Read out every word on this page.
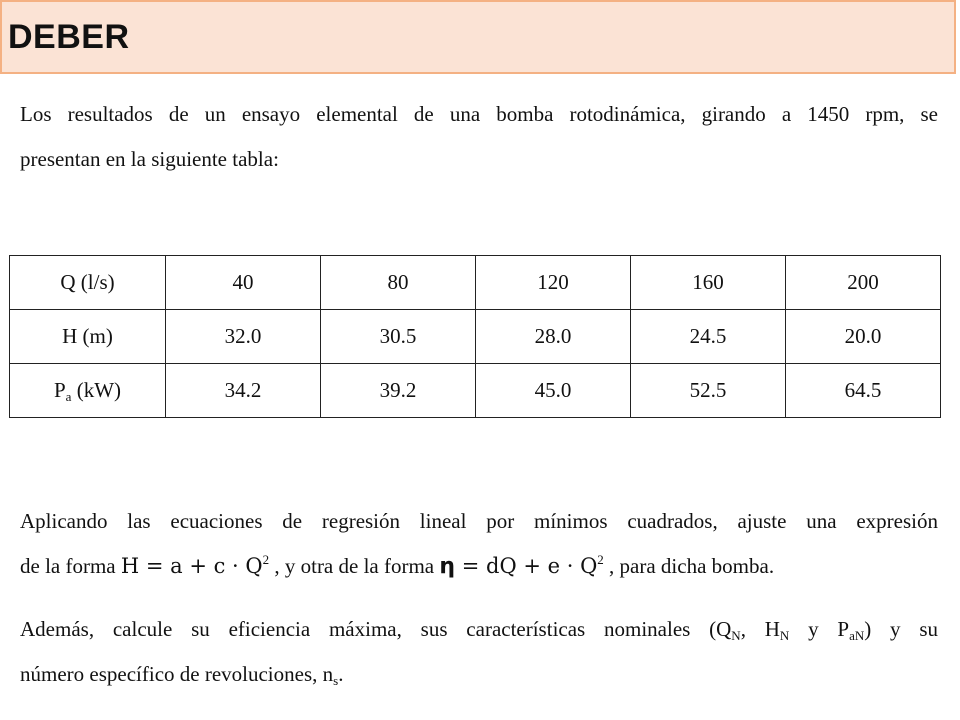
DEBER
Los resultados de un ensayo elemental de una bomba rotodinámica, girando a 1450 rpm, se
presentan en la siguiente tabla:
Q (l/s)	40	80	120	160	200
H (m)	32.0	30.5	28.0	24.5	20.0
$P_a$ (kW)	34.2	39.2	45.0	52.5	64.5
Aplicando las ecuaciones de regresión lineal por mínimos cuadrados, ajuste una expresión
de la forma $H = a + c \cdot Q^2$ , y otra de la forma η = dQ + $e \cdot Q^2$ , para dicha bomba.
Además, calcule su eficiencia máxima, sus características nominales ($Q_N$, $H_N$ y $P_{aN}$) y su
número específico de revoluciones, $n_s$.
